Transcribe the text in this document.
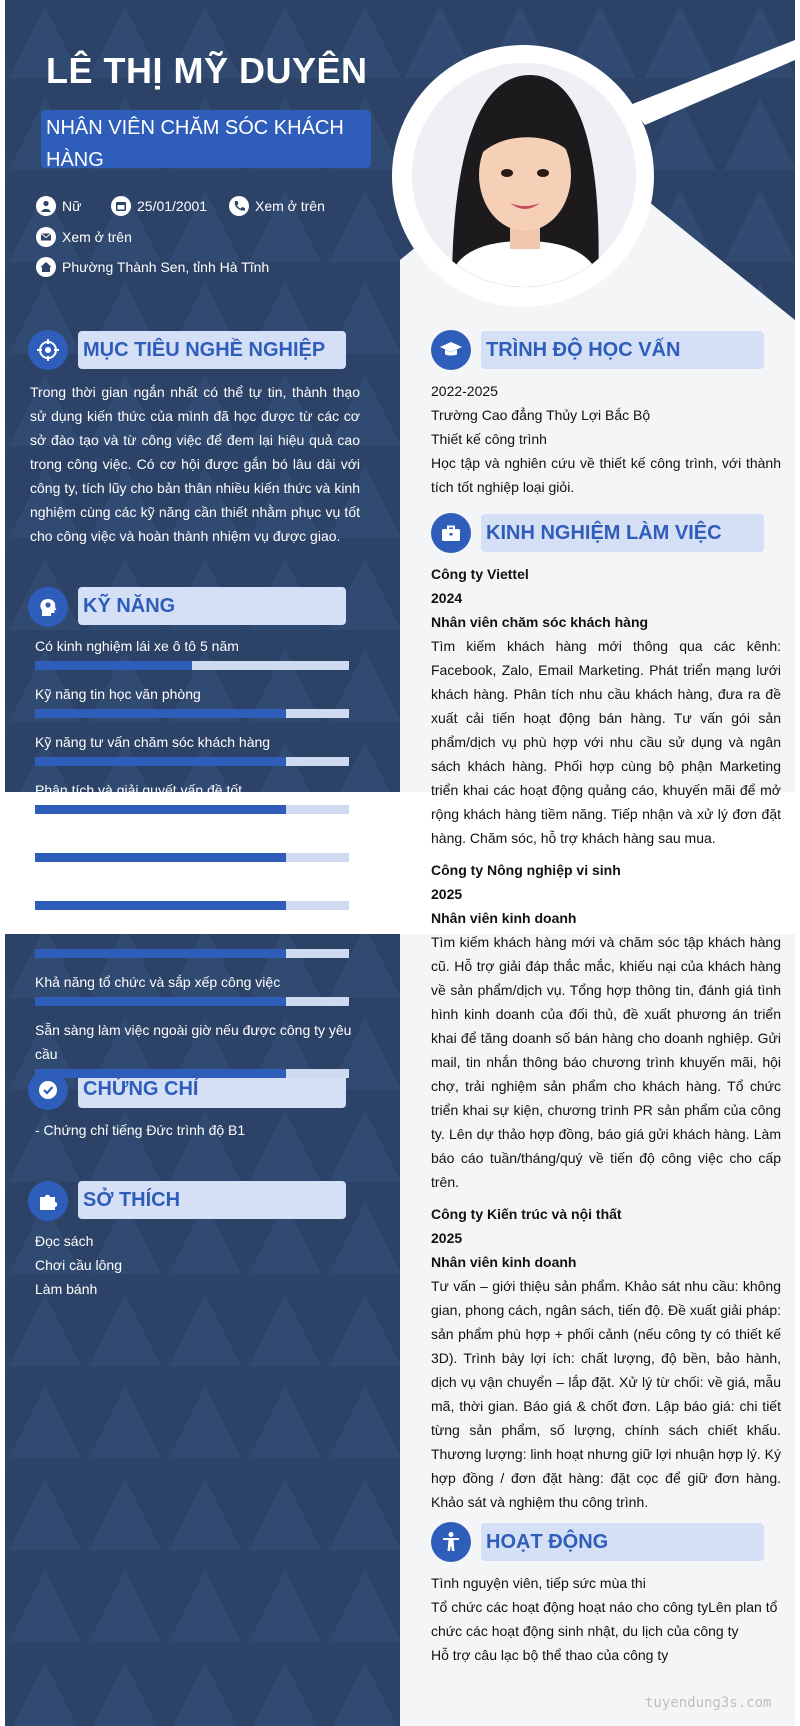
LÊ THỊ MỸ DUYÊN
NHÂN VIÊN CHĂM SÓC KHÁCH HÀNG
Nữ	25/01/2001	Xem ở trên
Xem ở trên
Phường Thành Sen, tỉnh Hà Tĩnh
MỤC TIÊU NGHỀ NGHIỆP
Trong thời gian ngắn nhất có thể tự tin, thành thạo sử dụng kiến thức của mình đã học được từ các cơ sở đào tạo và từ công việc để đem lại hiệu quả cao trong công việc. Có cơ hội được gắn bó lâu dài với công ty, tích lũy cho bản thân nhiều kiến thức và kinh nghiệm cùng các kỹ năng cần thiết nhằm phục vụ tốt cho công việc và hoàn thành nhiệm vụ được giao.
KỸ NĂNG
CHỨNG CHỈ
- Chứng chỉ tiếng Đức trình độ B1
SỞ THÍCH
Đọc sách
Chơi cầu lông
Làm bánh
TRÌNH ĐỘ HỌC VẤN
2022-2025
Trường Cao đẳng Thủy Lợi Bắc Bộ
Thiết kế công trình
Học tập và nghiên cứu về thiết kế công trình, với thành tích tốt nghiệp loại giỏi.
KINH NGHIỆM LÀM VIỆC
Công ty Viettel
2024
Nhân viên chăm sóc khách hàng
Tìm kiếm khách hàng mới thông qua các kênh: Facebook, Zalo, Email Marketing. Phát triển mạng lưới khách hàng. Phân tích nhu cầu khách hàng, đưa ra đề xuất cải tiến hoạt động bán hàng. Tư vấn gói sản phẩm/dịch vụ phù hợp với nhu cầu sử dụng và ngân sách khách hàng. Phối hợp cùng bộ phận Marketing triển khai các hoạt động quảng cáo, khuyến mãi để mở rộng khách hàng tiềm năng. Tiếp nhận và xử lý đơn đặt hàng. Chăm sóc, hỗ trợ khách hàng sau mua.
Công ty Nông nghiệp vi sinh
2025
Nhân viên kinh doanh
Tìm kiếm khách hàng mới và chăm sóc tập khách hàng cũ. Hỗ trợ giải đáp thắc mắc, khiếu nại của khách hàng về sản phẩm/dịch vụ. Tổng hợp thông tin, đánh giá tình hình kinh doanh của đối thủ, đề xuất phương án triển khai để tăng doanh số bán hàng cho doanh nghiệp. Gửi mail, tin nhắn thông báo chương trình khuyến mãi, hội chợ, trải nghiệm sản phẩm cho khách hàng. Tổ chức triển khai sự kiện, chương trình PR sản phẩm của công ty. Lên dự thảo hợp đồng, báo giá gửi khách hàng. Làm báo cáo tuần/tháng/quý về tiến độ công việc cho cấp trên.
Công ty Kiến trúc và nội thất
2025
Nhân viên kinh doanh
Tư vấn – giới thiệu sản phẩm. Khảo sát nhu cầu: không gian, phong cách, ngân sách, tiến độ. Đề xuất giải pháp: sản phẩm phù hợp + phối cảnh (nếu công ty có thiết kế 3D). Trình bày lợi ích: chất lượng, độ bền, bảo hành, dịch vụ vận chuyển – lắp đặt. Xử lý từ chối: về giá, mẫu mã, thời gian. Báo giá & chốt đơn. Lập báo giá: chi tiết từng sản phẩm, số lượng, chính sách chiết khấu. Thương lượng: linh hoạt nhưng giữ lợi nhuận hợp lý. Ký hợp đồng / đơn đặt hàng: đặt cọc để giữ đơn hàng. Khảo sát và nghiệm thu công trình.
HOẠT ĐỘNG
Tình nguyện viên, tiếp sức mùa thi
Tổ chức các hoạt động hoạt náo cho công tyLên plan tổ chức các hoạt động sinh nhật, du lịch của công ty
Hỗ trợ câu lạc bộ thể thao của công ty
tuyendung3s.com
Có kinh nghiệm lái xe ô tô 5 năm
Kỹ năng tin học văn phòng
Kỹ năng tư vấn chăm sóc khách hàng
Phân tích và giải quyết vấn đề tốt
Khả năng tổ chức và sắp xếp công việc
Sẵn sàng làm việc ngoài giờ nếu được công ty yêu cầu
